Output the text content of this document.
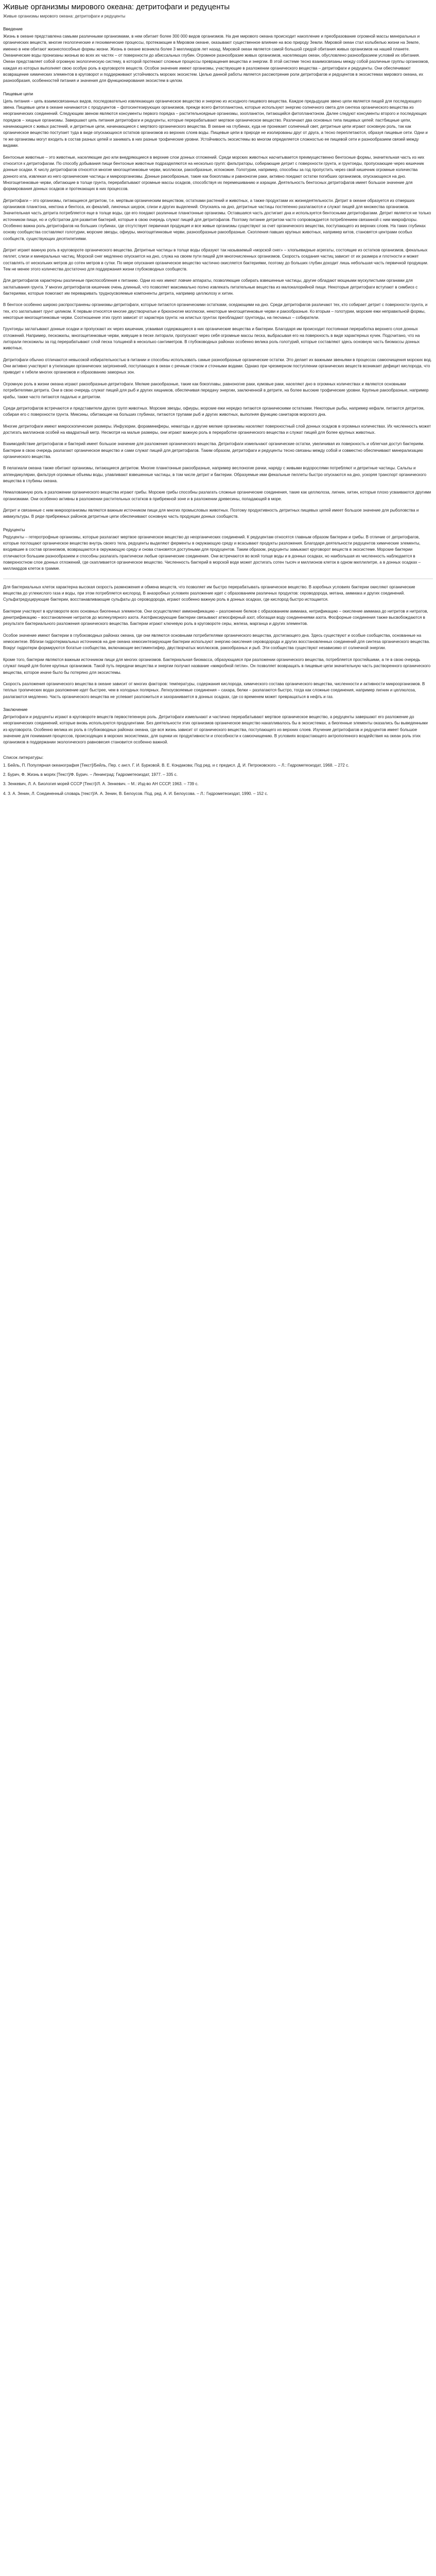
Живые организмы мирового океана: детритофаги и редуценты
Живые организмы мирового океана: детритофаги и редуценты
Введение

Жизнь в океане представлена самыми различными организмами, в нем обитает более 300 000 видов организмов. На дне мирового океана происходит накопление и преобразование огромной массы минеральных и органических веществ, многие геологические и геохимические процессы, протекающие в Мировом океане, оказывают существенное влияние на всю природу Земли. Мировой океан стал колыбелью жизни на Земле, именно в нем обитают жизнеспособные формы жизни. Жизнь в океане возникла более 3 миллиардов лет назад. Мировой океан является самой большой средой обитания живых организмов на нашей планете. Океанические воды пронизаны жизнью во всех их частях – от поверхности до абиссальных глубин. Огромное разнообразие живых организмов, населяющих океан, обусловлено разнообразием условий их обитания. Океан представляет собой огромную экологическую систему, в которой протекают сложные процессы превращения вещества и энергии. В этой системе тесно взаимосвязаны между собой различные группы организмов, каждая из которых выполняет свою особую роль в круговороте веществ. Особое значение имеют организмы, участвующие в разложении органического вещества – детритофаги и редуценты. Они обеспечивают возвращение химических элементов в круговорот и поддерживают устойчивость морских экосистем. Целью данной работы является рассмотрение роли детритофагов и редуцентов в экосистемах мирового океана, их разнообразия, особенностей питания и значения для функционирования экосистем в целом.

Пищевые цепи

Цепь питания – цепь взаимосвязанных видов, последовательно извлекающих органическое вещество и энергию из исходного пищевого вещества. Каждое предыдущее звено цепи является пищей для последующего звена. Пищевые цепи в океане начинаются с продуцентов – фотосинтезирующих организмов, прежде всего фитопланктона, которые используют энергию солнечного света для синтеза органического вещества из неорганических соединений. Следующим звеном являются консументы первого порядка – растительноядные организмы, зоопланктон, питающийся фитопланктоном. Далее следуют консументы второго и последующих порядков – хищные организмы. Завершают цепь питания детритофаги и редуценты, которые перерабатывают мертвое органическое вещество. Различают два основных типа пищевых цепей: пастбищные цепи, начинающиеся с живых растений, и детритные цепи, начинающиеся с мертвого органического вещества. В океане на глубинах, куда не проникает солнечный свет, детритные цепи играют основную роль, так как органическое вещество поступает туда в виде опускающихся остатков организмов из верхних слоев воды. Пищевые цепи в природе не изолированы друг от друга, а тесно переплетаются, образуя пищевые сети. Одни и те же организмы могут входить в состав разных цепей и занимать в них разные трофические уровни. Устойчивость экосистемы во многом определяется сложностью ее пищевой сети и разнообразием связей между видами.

Бентосные животные – это животные, населяющие дно или внедряющиеся в верхние слои донных отложений. Среди морских животных насчитывается преимущественно бентосные формы, значительная часть из них относится к детритофагам. По способу добывания пищи бентосные животные подразделяются на несколько групп: фильтраторы, собирающие детрит с поверхности грунта, и грунтоеды, пропускающие через кишечник донные осадки. К числу детритофагов относятся многие многощетинковые черви, моллюски, ракообразные, иглокожие. Голотурии, например, способны за год пропустить через свой кишечник огромные количества донного ила, извлекая из него органические частицы и микроорганизмы. Донные ракообразные, такие как бокоплавы и равноногие раки, активно поедают остатки погибших организмов, опускающихся на дно. Многощетинковые черви, обитающие в толще грунта, перерабатывают огромные массы осадков, способствуя их перемешиванию и аэрации. Деятельность бентосных детритофагов имеет большое значение для формирования донных осадков и протекающих в них процессов.

Детритофаги – это организмы, питающиеся детритом, т.е. мертвым органическим веществом, остатками растений и животных, а также продуктами их жизнедеятельности. Детрит в океане образуется из отмерших организмов планктона, нектона и бентоса, их фекалий, линочных шкурок, слизи и других выделений. Опускаясь на дно, детритные частицы постепенно разлагаются и служат пищей для множества организмов. Значительная часть детрита потребляется еще в толще воды, где его поедают различные планктонные организмы. Оставшаяся часть достигает дна и используется бентосными детритофагами. Детрит является не только источником пищи, но и субстратом для развития бактерий, которые в свою очередь служат пищей для детритофагов. Поэтому питание детритом часто сопровождается потреблением связанной с ним микрофлоры. Особенно важна роль детритофагов на больших глубинах, где отсутствует первичная продукция и все живые организмы существуют за счет органического вещества, поступающего из верхних слоев. На таких глубинах основу сообщества составляют голотурии, морские звезды, офиуры, многощетинковые черви, разнообразные ракообразные. Скопления павших крупных животных, например китов, становятся центрами особых сообществ, существующих десятилетиями.

Детрит играет важную роль в круговороте органического вещества. Детритные частицы в толще воды образуют так называемый «морской снег» – хлопьевидные агрегаты, состоящие из остатков организмов, фекальных пеллет, слизи и минеральных частиц. Морской снег медленно опускается на дно, служа на своем пути пищей для многочисленных организмов. Скорость оседания частиц зависит от их размера и плотности и может составлять от нескольких метров до сотен метров в сутки. По мере опускания органическое вещество частично окисляется бактериями, поэтому до больших глубин доходит лишь небольшая часть первичной продукции. Тем не менее этого количества достаточно для поддержания жизни глубоководных сообществ.

Для детритофагов характерны различные приспособления к питанию. Одни из них имеют ловчие аппараты, позволяющие собирать взвешенные частицы, другие обладают мощными мускулистыми органами для заглатывания грунта. У многих детритофагов кишечник очень длинный, что позволяет максимально полно извлекать питательные вещества из малокалорийной пищи. Некоторые детритофаги вступают в симбиоз с бактериями, которые помогают им переваривать трудноусвояемые компоненты детрита, например целлюлозу и хитин.

В бентосе особенно широко распространены организмы-детритофаги, которые питаются органическими остатками, оседающими на дно. Среди детритофагов различают тех, кто собирает детрит с поверхности грунта, и тех, кто заглатывает грунт целиком. К первым относятся многие двустворчатые и брюхоногие моллюски, некоторые многощетинковые черви и ракообразные. Ко вторым – голотурии, морские ежи неправильной формы, некоторые многощетинковые черви. Соотношение этих групп зависит от характера грунта: на илистых грунтах преобладают грунтоеды, на песчаных – собиратели.

Грунтоеды заглатывают донные осадки и пропускают их через кишечник, усваивая содержащиеся в них органические вещества и бактерии. Благодаря им происходит постоянная переработка верхнего слоя донных отложений. Например, пескожилы, многощетинковые черви, живущие в песке литорали, пропускают через себя огромные массы песка, выбрасывая его на поверхность в виде характерных кучек. Подсчитано, что на литорали пескожилы за год перерабатывают слой песка толщиной в несколько сантиметров. В глубоководных районах особенно велика роль голотурий, которые составляют здесь основную часть биомассы донных животных.

Детритофаги обычно отличаются невысокой избирательностью в питании и способны использовать самые разнообразные органические остатки. Это делает их важными звеньями в процессах самоочищения морских вод. Они активно участвуют в утилизации органических загрязнений, поступающих в океан с речным стоком и сточными водами. Однако при чрезмерном поступлении органических веществ возникает дефицит кислорода, что приводит к гибели многих организмов и образованию заморных зон.

Огромную роль в жизни океана играют ракообразные-детритофаги. Мелкие ракообразные, такие как бокоплавы, равноногие раки, кумовые раки, населяют дно в огромных количествах и являются основными потребителями детрита. Они в свою очередь служат пищей для рыб и других хищников, обеспечивая передачу энергии, заключенной в детрите, на более высокие трофические уровни. Крупные ракообразные, например крабы, также часто питаются падалью и детритом.

Среди детритофагов встречаются и представители других групп животных. Морские звезды, офиуры, морские ежи нередко питаются органическими остатками. Некоторые рыбы, например кефали, питаются детритом, собирая его с поверхности грунта. Миксины, обитающие на больших глубинах, питаются трупами рыб и других животных, выполняя функцию санитаров морского дна.

Многие детритофаги имеют микроскопические размеры. Инфузории, фораминиферы, нематоды и другие мелкие организмы населяют поверхностный слой донных осадков в огромных количествах. Их численность может достигать миллионов особей на квадратный метр. Несмотря на малые размеры, они играют важную роль в переработке органического вещества и служат пищей для более крупных животных.

Взаимодействие детритофагов и бактерий имеет большое значение для разложения органического вещества. Детритофаги измельчают органические остатки, увеличивая их поверхность и облегчая доступ бактериям. Бактерии в свою очередь разлагают органическое вещество и сами служат пищей для детритофагов. Таким образом, детритофаги и редуценты тесно связаны между собой и совместно обеспечивают минерализацию органического вещества.

В пелагиали океана также обитают организмы, питающиеся детритом. Многие планктонные ракообразные, например веслоногие рачки, наряду с живыми водорослями потребляют и детритные частицы. Сальпы и аппендикулярии, фильтруя огромные объемы воды, улавливают взвешенные частицы, в том числе детрит и бактерии. Образуемые ими фекальные пеллеты быстро опускаются на дно, ускоряя транспорт органического вещества в глубины океана.

Немаловажную роль в разложении органического вещества играют грибы. Морские грибы способны разлагать сложные органические соединения, такие как целлюлоза, лигнин, хитин, которые плохо усваиваются другими организмами. Они особенно активны в разложении растительных остатков в прибрежной зоне и в разложении древесины, попадающей в море.

Детрит и связанные с ним микроорганизмы являются важным источником пищи для многих промысловых животных. Поэтому продуктивность детритных пищевых цепей имеет большое значение для рыболовства и аквакультуры. В ряде прибрежных районов детритные цепи обеспечивают основную часть продукции донных сообществ.

Редуценты

Редуценты – гетеротрофные организмы, которые разлагают мертвое органическое вещество до неорганических соединений. К редуцентам относятся главным образом бактерии и грибы. В отличие от детритофагов, которые поглощают органическое вещество внутрь своего тела, редуценты выделяют ферменты в окружающую среду и всасывают продукты разложения. Благодаря деятельности редуцентов химические элементы, входившие в состав организмов, возвращаются в окружающую среду и снова становятся доступными для продуцентов. Таким образом, редуценты замыкают круговорот веществ в экосистеме. Морские бактерии отличаются большим разнообразием и способны разлагать практически любые органические соединения. Они встречаются во всей толще воды и в донных осадках, но наибольшая их численность наблюдается в поверхностном слое донных отложений, где скапливается органическое вещество. Численность бактерий в морской воде может достигать сотен тысяч и миллионов клеток в одном миллилитре, а в донных осадках – миллиардов клеток в грамме.

Для бактериальных клеток характерна высокая скорость размножения и обмена веществ, что позволяет им быстро перерабатывать органическое вещество. В аэробных условиях бактерии окисляют органические вещества до углекислого газа и воды, при этом потребляется кислород. В анаэробных условиях разложение идет с образованием различных продуктов: сероводорода, метана, аммиака и других соединений. Сульфатредуцирующие бактерии, восстанавливающие сульфаты до сероводорода, играют особенно важную роль в донных осадках, где кислород быстро истощается.

Бактерии участвуют в круговороте всех основных биогенных элементов. Они осуществляют аммонификацию – разложение белков с образованием аммиака, нитрификацию – окисление аммиака до нитритов и нитратов, денитрификацию – восстановление нитратов до молекулярного азота. Азотфиксирующие бактерии связывают атмосферный азот, обогащая воду соединениями азота. Фосфорные соединения также высвобождаются в результате бактериального разложения органического вещества. Бактерии играют ключевую роль в круговороте серы, железа, марганца и других элементов.

Особое значение имеют бактерии в глубоководных районах океана, где они являются основными потребителями органического вещества, достигающего дна. Здесь существуют и особые сообщества, основанные на хемосинтезе. Вблизи гидротермальных источников на дне океана хемосинтезирующие бактерии используют энергию окисления сероводорода и других восстановленных соединений для синтеза органического вещества. Вокруг гидротерм формируются богатые сообщества, включающие вестиментифер, двустворчатых моллюсков, ракообразных и рыб. Эти сообщества существуют независимо от солнечной энергии.

Кроме того, бактерии являются важным источником пищи для многих организмов. Бактериальная биомасса, образующаяся при разложении органического вещества, потребляется простейшими, а те в свою очередь служат пищей для более крупных организмов. Такой путь передачи вещества и энергии получил название «микробной петли». Он позволяет возвращать в пищевые цепи значительную часть растворенного органического вещества, которое иначе было бы потеряно для экосистемы.

Скорость разложения органического вещества в океане зависит от многих факторов: температуры, содержания кислорода, химического состава органического вещества, численности и активности микроорганизмов. В теплых тропических водах разложение идет быстрее, чем в холодных полярных. Легкоусвояемые соединения – сахара, белки – разлагаются быстро, тогда как сложные соединения, например лигнин и целлюлоза, разлагаются медленно. Часть органического вещества не успевает разложиться и захоранивается в донных осадках, где со временем может превращаться в нефть и газ.

Заключение

Детритофаги и редуценты играют в круговороте веществ первостепенную роль. Детритофаги измельчают и частично перерабатывают мертвое органическое вещество, а редуценты завершают его разложение до неорганических соединений, которые вновь используются продуцентами. Без деятельности этих организмов органическое вещество накапливалось бы в экосистемах, а биогенные элементы оказались бы выведенными из круговорота. Особенно велика их роль в глубоководных районах океана, где вся жизнь зависит от органического вещества, поступающего из верхних слоев. Изучение детритофагов и редуцентов имеет большое значение для понимания процессов, происходящих в морских экосистемах, для оценки их продуктивности и способности к самоочищению. В условиях возрастающего антропогенного воздействия на океан роль этих организмов в поддержании экологического равновесия становится особенно важной.

Список литературы:
1. Бейль, П. Популярная океанография [Текст]/Бейль, Пер. с англ. Г. И. Бурковой, В. Е. Кондакова; Под ред. и с предисл. Д. И. Петроковского. – Л.: Гидрометеоиздат, 1968. – 272 с.
2. Бурич, Ф. Жизнь в морях [Текст]/Ф. Бурич. – Ленинград: Гидрометеоиздат, 1977. – 335 с.
3. Зенкевич, Л. А. Биология морей СССР [Текст]/Л. А. Зенкевич. – М.: Изд-во АН СССР, 1963. – 739 с.
4. З. А. Зенин, Л. Соединенный словарь [текст]/А. А. Зенин, В. Белоусов. Под. ред. А. И. Белоусова. – Л.: Гидрометеоиздат, 1990. – 152 с.
